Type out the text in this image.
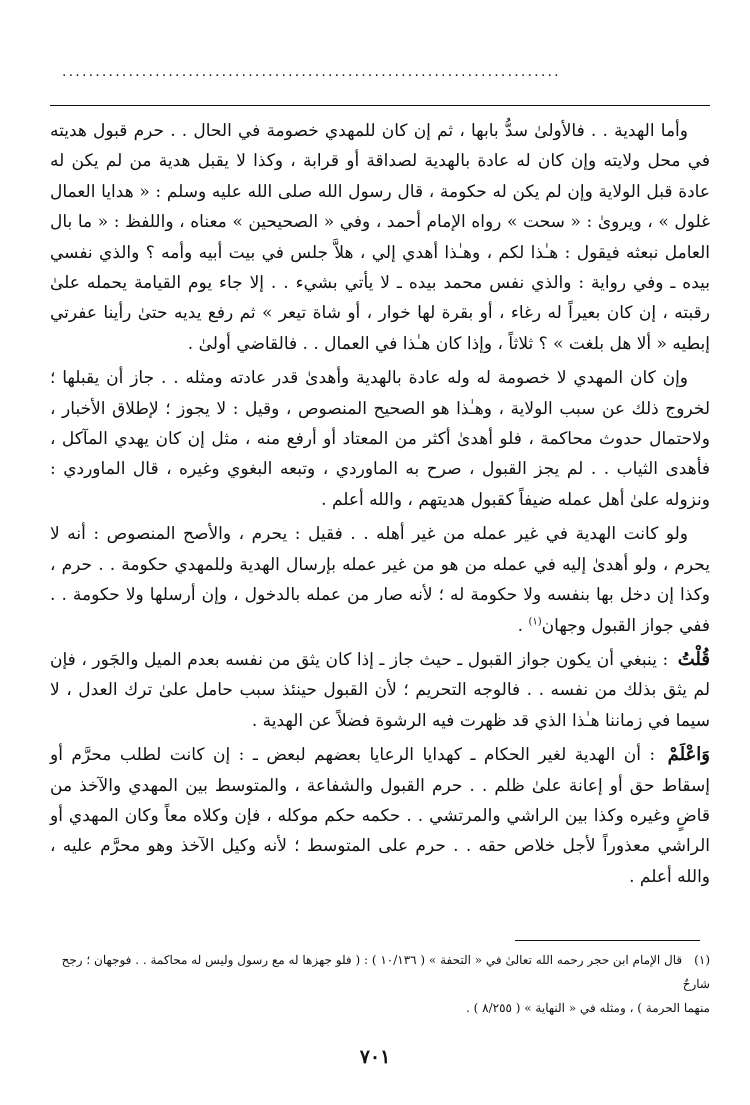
...........................................................................

وأما الهدية . . فالأولىٰ سدُّ بابها ، ثم إن كان للمهدي خصومة في الحال . . حرم قبول هديته في محل ولايته وإن كان له عادة بالهدية لصداقة أو قرابة ، وكذا لا يقبل هدية من لم يكن له عادة قبل الولاية وإن لم يكن له حكومة ، قال رسول الله صلى الله عليه وسلم : « هدايا العمال غلول » ، ويروىٰ : « سحت » رواه الإمام أحمد ، وفي « الصحيحين » معناه ، واللفظ : « ما بال العامل نبعثه فيقول : هـٰذا لكم ، وهـٰذا أهدي إلي ، هلاَّ جلس في بيت أبيه وأمه ؟ والذي نفسي بيده ـ وفي رواية : والذي نفس محمد بيده ـ لا يأتي بشيء . . إلا جاء يوم القيامة يحمله علىٰ رقبته ، إن كان بعيراً له رغاء ، أو بقرة لها خوار ، أو شاة تيعر » ثم رفع يديه حتىٰ رأينا عفرتي إبطيه « ألا هل بلغت » ؟ ثلاثاً ، وإذا كان هـٰذا في العمال . . فالقاضي أولىٰ .

وإن كان المهدي لا خصومة له وله عادة بالهدية وأهدىٰ قدر عادته ومثله . . جاز أن يقبلها ؛ لخروج ذلك عن سبب الولاية ، وهـٰذا هو الصحيح المنصوص ، وقيل : لا يجوز ؛ لإطلاق الأخبار ، ولاحتمال حدوث محاكمة ، فلو أهدىٰ أكثر من المعتاد أو أرفع منه ، مثل إن كان يهدي المآكل ، فأهدى الثياب . . لم يجز القبول ، صرح به الماوردي ، وتبعه البغوي وغيره ، قال الماوردي : ونزوله علىٰ أهل عمله ضيفاً كقبول هديتهم ، والله أعلم .

ولو كانت الهدية في غير عمله من غير أهله . . فقيل : يحرم ، والأصح المنصوص : أنه لا يحرم ، ولو أهدىٰ إليه في عمله من هو من غير عمله بإرسال الهدية وللمهدي حكومة . . حرم ، وكذا إن دخل بها بنفسه ولا حكومة له ؛ لأنه صار من عمله بالدخول ، وإن أرسلها ولا حكومة . . ففي جواز القبول وجهان$^{(١)}$ .

قُلْتُ : ينبغي أن يكون جواز القبول ـ حيث جاز ـ إذا كان يثق من نفسه بعدم الميل والجَور ، فإن لم يثق بذلك من نفسه . . فالوجه التحريم ؛ لأن القبول حينئذ سبب حامل علىٰ ترك العدل ، لا سيما في زماننا هـٰذا الذي قد ظهرت فيه الرشوة فضلاً عن الهدية .

وَاعْلَمْ : أن الهدية لغير الحكام ـ كهدايا الرعايا بعضهم لبعض ـ : إن كانت لطلب محرَّم أو إسقاط حق أو إعانة علىٰ ظلم . . حرم القبول والشفاعة ، والمتوسط بين المهدي والآخذ من قاضٍ وغيره وكذا بين الراشي والمرتشي . . حكمه حكم موكله ، فإن وكلاه معاً وكان المهدي أو الراشي معذوراً لأجل خلاص حقه . . حرم على المتوسط ؛ لأنه وكيل الآخذ وهو محرَّم عليه ، والله أعلم .

(١)قال الإمام ابن حجر رحمه الله تعالىٰ في « التحفة » ( ١٠/١٣٦ ) : ( فلو جهزها له مع رسول وليس له محاكمة . . فوجهان ؛ رجح شارحٌ
منهما الحرمة ) ، ومثله في « النهاية » ( ٨/٢٥٥ ) .
٧٠١
